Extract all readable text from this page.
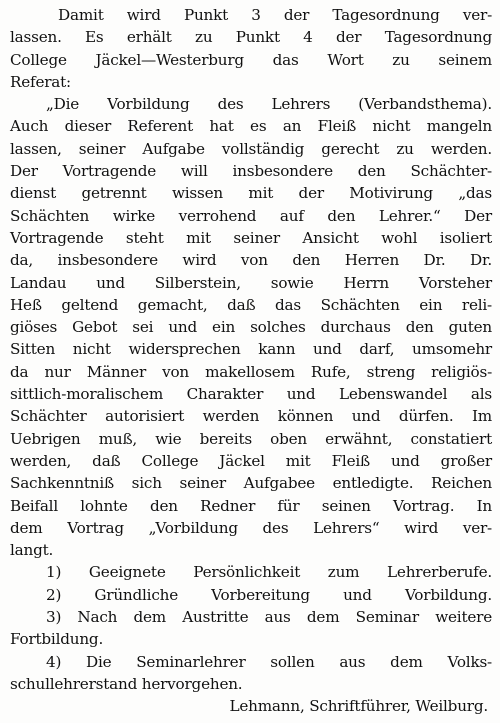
Damit wird Punkt 3 der Tagesordnung ver-
lassen. Es erhält zu Punkt 4 der Tagesordnung
College Jäckel—Westerburg das Wort zu seinem
Referat:
„Die Vorbildung des Lehrers (Verbandsthema).
Auch dieser Referent hat es an Fleiß nicht mangeln
lassen, seiner Aufgabe vollständig gerecht zu werden.
Der Vortragende will insbesondere den Schächter-
dienst getrennt wissen mit der Motivirung „das
Schächten wirke verrohend auf den Lehrer.“ Der
Vortragende steht mit seiner Ansicht wohl isoliert
da, insbesondere wird von den Herren Dr. Dr.
Landau und Silberstein, sowie Herrn Vorsteher
Heß geltend gemacht, daß das Schächten ein reli-
giöses Gebot sei und ein solches durchaus den guten
Sitten nicht widersprechen kann und darf, umsomehr
da nur Männer von makellosem Rufe, streng religiös-
sittlich-moralischem Charakter und Lebenswandel als
Schächter autorisiert werden können und dürfen. Im
Uebrigen muß, wie bereits oben erwähnt, constatiert
werden, daß College Jäckel mit Fleiß und großer
Sachkenntniß sich seiner Aufgabee entledigte. Reichen
Beifall lohnte den Redner für seinen Vortrag. In
dem Vortrag „Vorbildung des Lehrers“ wird ver-
langt.
1) Geeignete Persönlichkeit zum Lehrerberufe.
2) Gründliche Vorbereitung und Vorbildung.
3) Nach dem Austritte aus dem Seminar weitere
Fortbildung.
4) Die Seminarlehrer sollen aus dem Volks-
schullehrerstand hervorgehen.
Lehmann, Schriftführer, Weilburg.
